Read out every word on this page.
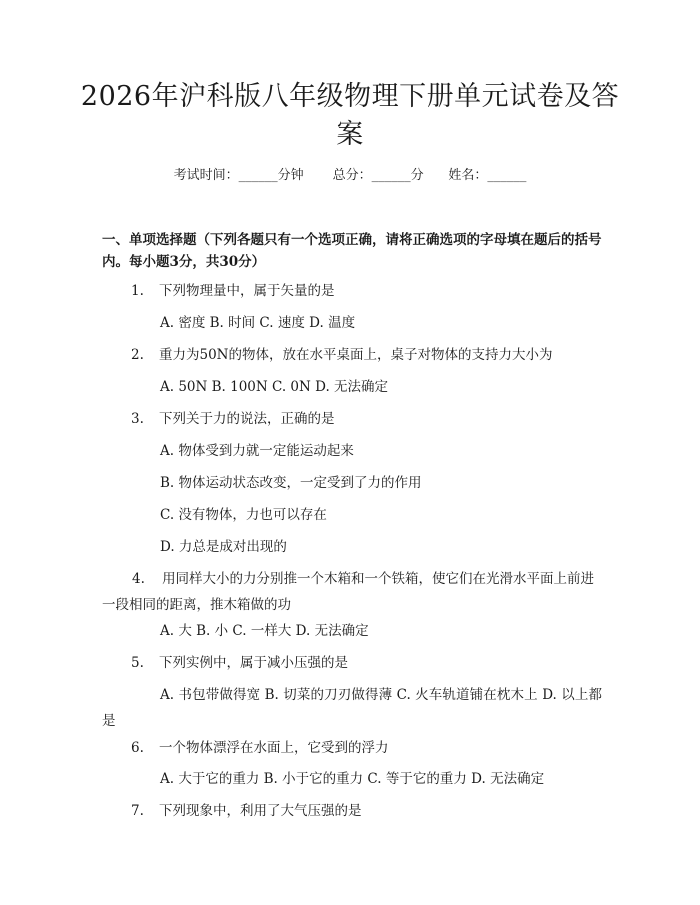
2026年沪科版八年级物理下册单元试卷及答案
考试时间：______分钟 总分：______分 姓名：______
一、单项选择题（下列各题只有一个选项正确，请将正确选项的字母填在题后的括号内。每小题3分，共30分）
1. 下列物理量中，属于矢量的是
A. 密度 B. 时间 C. 速度 D. 温度
2. 重力为50N的物体，放在水平桌面上，桌子对物体的支持力大小为
A. 50N B. 100N C. 0N D. 无法确定
3. 下列关于力的说法，正确的是
A. 物体受到力就一定能运动起来
B. 物体运动状态改变，一定受到了力的作用
C. 没有物体，力也可以存在
D. 力总是成对出现的
4. 用同样大小的力分别推一个木箱和一个铁箱，使它们在光滑水平面上前进一段相同的距离，推木箱做的功
A. 大 B. 小 C. 一样大 D. 无法确定
5. 下列实例中，属于减小压强的是
A. 书包带做得宽 B. 切菜的刀刃做得薄 C. 火车轨道铺在枕木上 D. 以上都是
6. 一个物体漂浮在水面上，它受到的浮力
A. 大于它的重力 B. 小于它的重力 C. 等于它的重力 D. 无法确定
7. 下列现象中，利用了大气压强的是
